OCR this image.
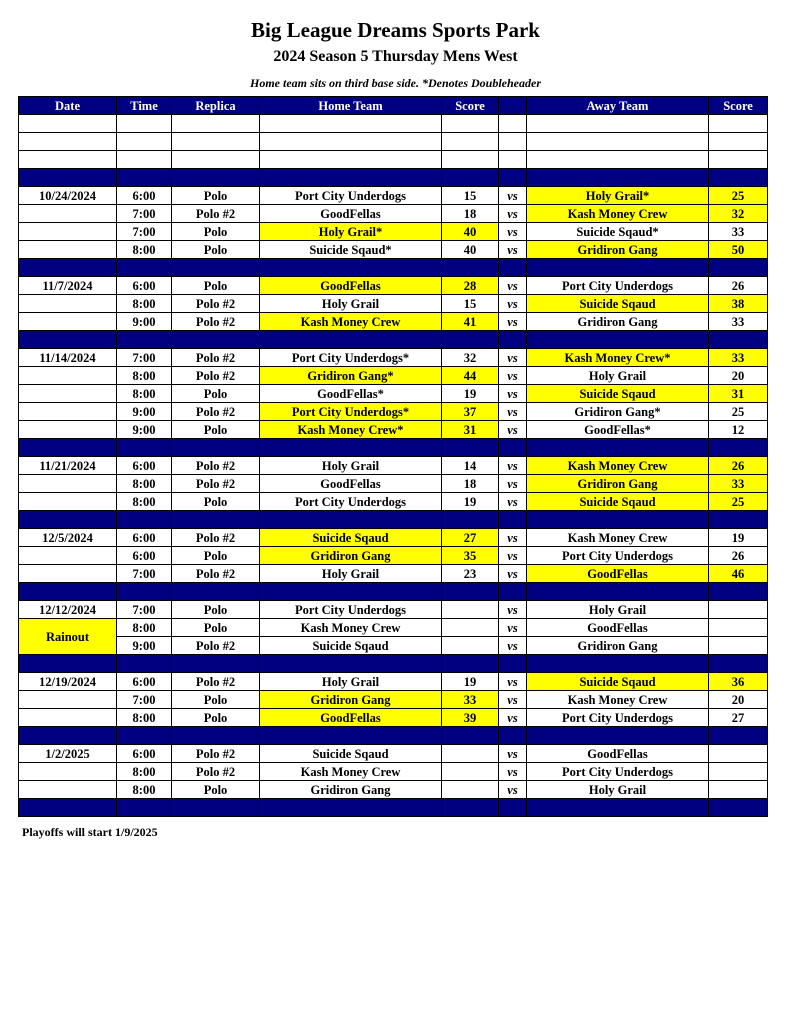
Big League Dreams Sports Park
2024 Season 5 Thursday Mens West
Home team sits on third base side. *Denotes Doubleheader
Date	Time	Replica	Home Team	Score		Away Team	Score

10/24/2024	6:00	Polo	Port City Underdogs	15	vs	Holy Grail*	25
	7:00	Polo #2	GoodFellas	18	vs	Kash Money Crew	32
	7:00	Polo	Holy Grail*	40	vs	Suicide Sqaud*	33
	8:00	Polo	Suicide Sqaud*	40	vs	Gridiron Gang	50

11/7/2024	6:00	Polo	GoodFellas	28	vs	Port City Underdogs	26
	8:00	Polo #2	Holy Grail	15	vs	Suicide Sqaud	38
	9:00	Polo #2	Kash Money Crew	41	vs	Gridiron Gang	33

11/14/2024	7:00	Polo #2	Port City Underdogs*	32	vs	Kash Money Crew*	33
	8:00	Polo #2	Gridiron Gang*	44	vs	Holy Grail	20
	8:00	Polo	GoodFellas*	19	vs	Suicide Sqaud	31
	9:00	Polo #2	Port City Underdogs*	37	vs	Gridiron Gang*	25
	9:00	Polo	Kash Money Crew*	31	vs	GoodFellas*	12

11/21/2024	6:00	Polo #2	Holy Grail	14	vs	Kash Money Crew	26
	8:00	Polo #2	GoodFellas	18	vs	Gridiron Gang	33
	8:00	Polo	Port City Underdogs	19	vs	Suicide Sqaud	25

12/5/2024	6:00	Polo #2	Suicide Sqaud	27	vs	Kash Money Crew	19
	6:00	Polo	Gridiron Gang	35	vs	Port City Underdogs	26
	7:00	Polo #2	Holy Grail	23	vs	GoodFellas	46

12/12/2024	7:00	Polo	Port City Underdogs		vs	Holy Grail	
Rainout	8:00	Polo	Kash Money Crew		vs	GoodFellas	
	9:00	Polo #2	Suicide Sqaud		vs	Gridiron Gang	

12/19/2024	6:00	Polo #2	Holy Grail	19	vs	Suicide Sqaud	36
	7:00	Polo	Gridiron Gang	33	vs	Kash Money Crew	20
	8:00	Polo	GoodFellas	39	vs	Port City Underdogs	27

1/2/2025	6:00	Polo #2	Suicide Sqaud		vs	GoodFellas	
	8:00	Polo #2	Kash Money Crew		vs	Port City Underdogs	
	8:00	Polo	Gridiron Gang		vs	Holy Grail	

Playoffs will start 1/9/2025
